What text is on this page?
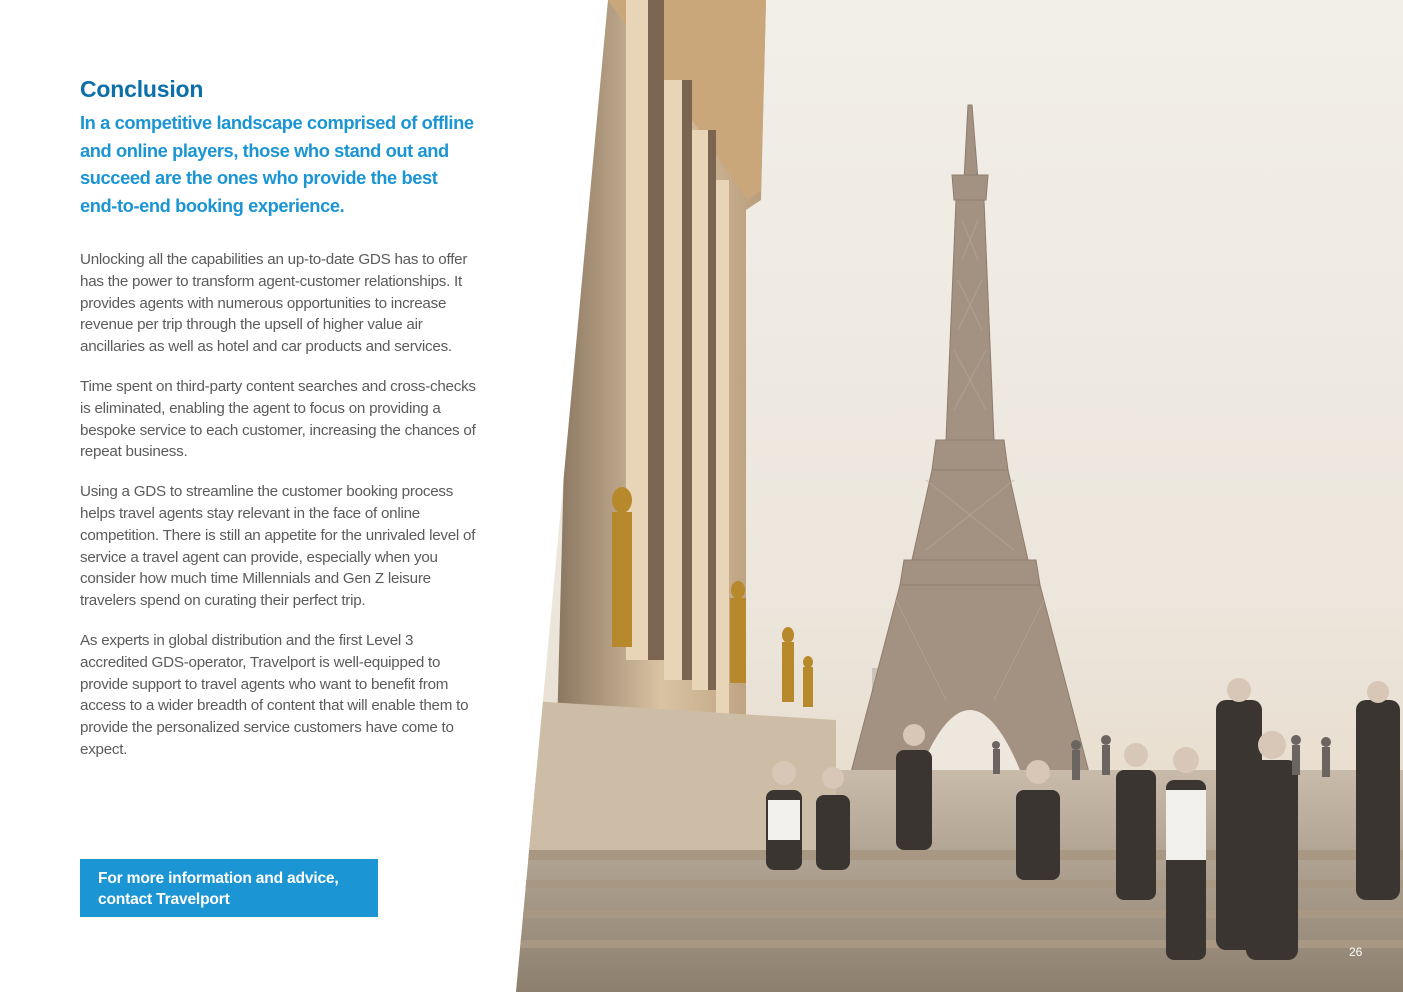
Conclusion

In a competitive landscape comprised of offline and online players, those who stand out and succeed are the ones who provide the best end-to-end booking experience.

Unlocking all the capabilities an up-to-date GDS has to offer has the power to transform agent-customer relationships. It provides agents with numerous opportunities to increase revenue per trip through the upsell of higher value air ancillaries as well as hotel and car products and services.

Time spent on third-party content searches and cross-checks is eliminated, enabling the agent to focus on providing a bespoke service to each customer, increasing the chances of repeat business.

Using a GDS to streamline the customer booking process helps travel agents stay relevant in the face of online competition. There is still an appetite for the unrivaled level of service a travel agent can provide, especially when you consider how much time Millennials and Gen Z leisure travelers spend on curating their perfect trip.

As experts in global distribution and the first Level 3 accredited GDS-operator, Travelport is well-equipped to provide support to travel agents who want to benefit from access to a wider breadth of content that will enable them to provide the personalized service customers have come to expect.

For more information and advice,
contact Travelport
26
